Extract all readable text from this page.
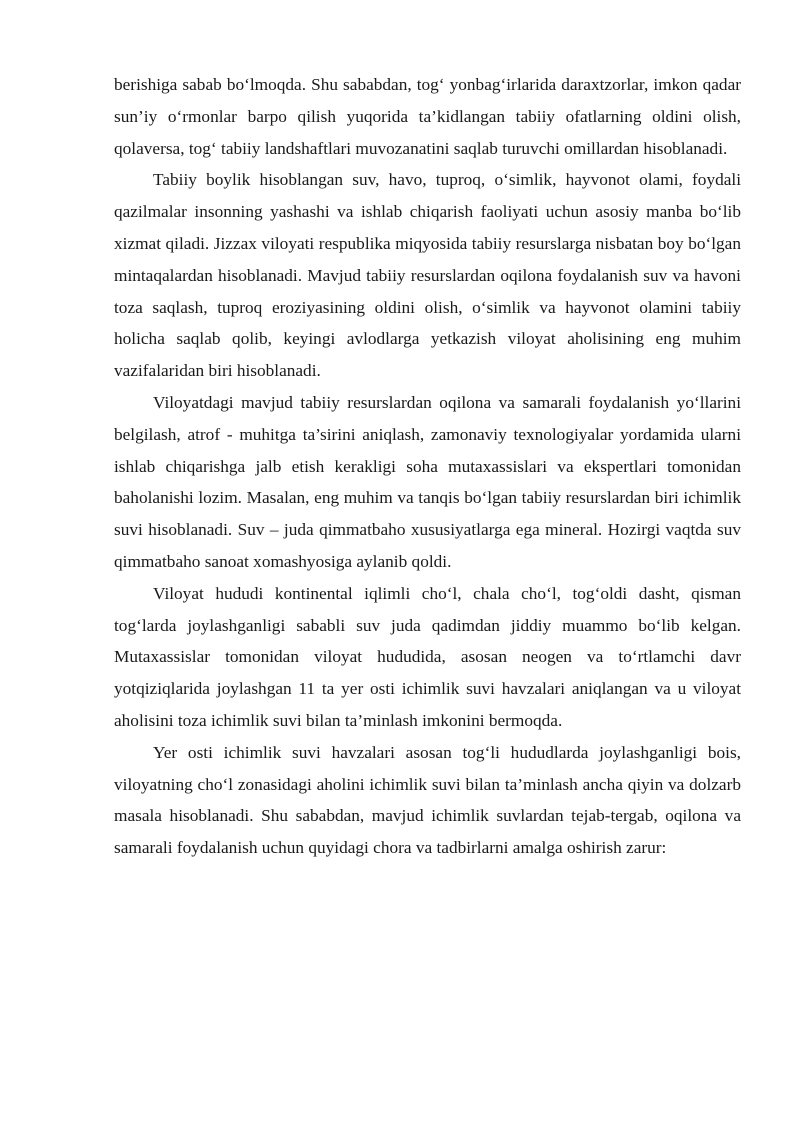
berishiga sabab bo‘lmoqda. Shu sababdan, tog‘ yonbag‘irlarida daraxtzorlar, imkon qadar sun’iy o‘rmonlar barpo qilish yuqorida ta’kidlangan tabiiy ofatlarning oldini olish, qolaversa, tog‘ tabiiy landshaftlari muvozanatini saqlab turuvchi omillardan hisoblanadi.

Tabiiy boylik hisoblangan suv, havo, tuproq, o‘simlik, hayvonot olami, foydali qazilmalar insonning yashashi va ishlab chiqarish faoliyati uchun asosiy manba bo‘lib xizmat qiladi. Jizzax viloyati respublika miqyosida tabiiy resurslarga nisbatan boy bo‘lgan mintaqalardan hisoblanadi. Mavjud tabiiy resurslardan oqilona foydalanish suv va havoni toza saqlash, tuproq eroziyasining oldini olish, o‘simlik va hayvonot olamini tabiiy holicha saqlab qolib, keyingi avlodlarga yetkazish viloyat aholisining eng muhim vazifalaridan biri hisoblanadi.

Viloyatdagi mavjud tabiiy resurslardan oqilona va samarali foydalanish yo‘llarini belgilash, atrof - muhitga ta’sirini aniqlash, zamonaviy texnologiyalar yordamida ularni ishlab chiqarishga jalb etish kerakligi soha mutaxassislari va ekspertlari tomonidan baholanishi lozim. Masalan, eng muhim va tanqis bo‘lgan tabiiy resurslardan biri ichimlik suvi hisoblanadi. Suv – juda qimmatbaho xususiyatlarga ega mineral. Hozirgi vaqtda suv qimmatbaho sanoat xomashyosiga aylanib qoldi.

Viloyat hududi kontinental iqlimli cho‘l, chala cho‘l, tog‘oldi dasht, qisman tog‘larda joylashganligi sababli suv juda qadimdan jiddiy muammo bo‘lib kelgan. Mutaxassislar tomonidan viloyat hududida, asosan neogen va to‘rtlamchi davr yotqiziqlarida joylashgan 11 ta yer osti ichimlik suvi havzalari aniqlangan va u viloyat aholisini toza ichimlik suvi bilan ta’minlash imkonini bermoqda.

Yer osti ichimlik suvi havzalari asosan tog‘li hududlarda joylashganligi bois, viloyatning cho‘l zonasidagi aholini ichimlik suvi bilan ta’minlash ancha qiyin va dolzarb masala hisoblanadi. Shu sababdan, mavjud ichimlik suvlardan tejab-tergab, oqilona va samarali foydalanish uchun quyidagi chora va tadbirlarni amalga oshirish zarur:
